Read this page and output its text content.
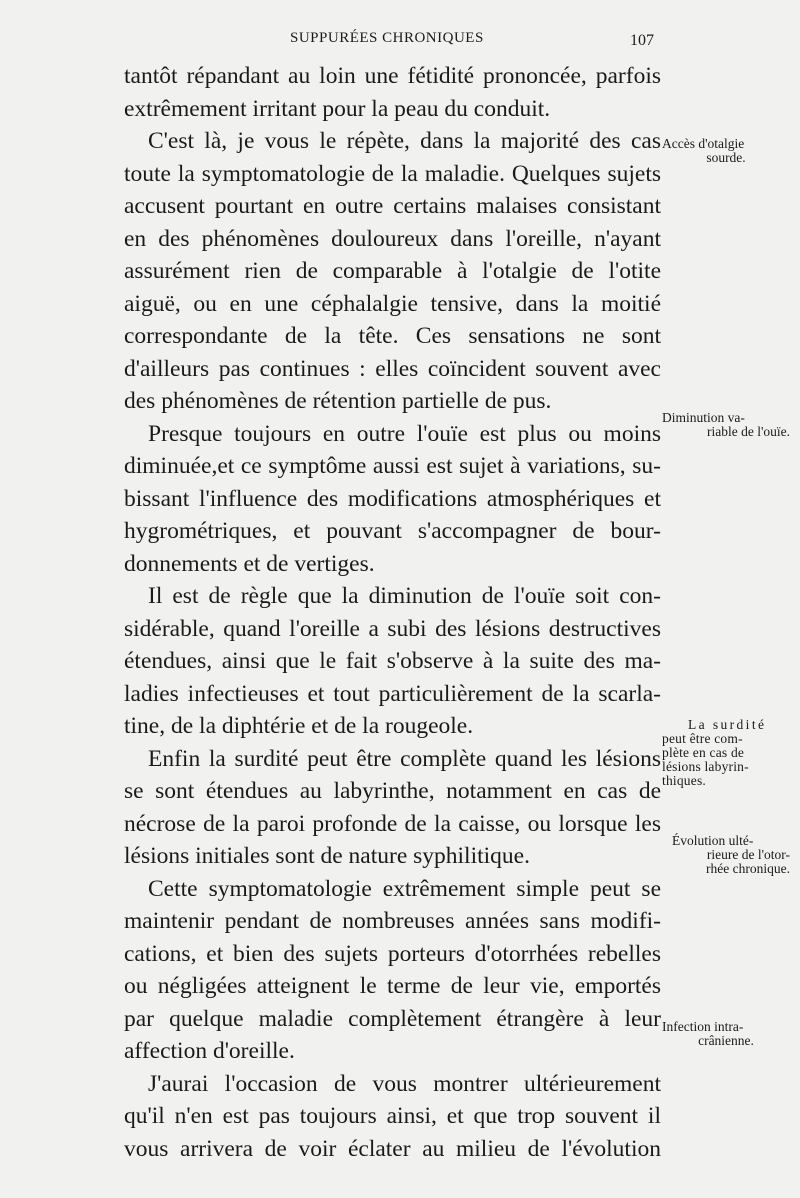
SUPPURÉES CHRONIQUES	107
tantôt répandant au loin une fétidité prononcée, parfois
extrêmement irritant pour la peau du conduit.
C'est là, je vous le répète, dans la majorité des cas
toute la symptomatologie de la maladie. Quelques sujets
accusent pourtant en outre certains malaises consistant
en des phénomènes douloureux dans l'oreille, n'ayant
assurément rien de comparable à l'otalgie de l'otite
aiguë, ou en une céphalalgie tensive, dans la moitié
correspondante de la tête. Ces sensations ne sont
d'ailleurs pas continues : elles coïncident souvent avec
des phénomènes de rétention partielle de pus.
Presque toujours en outre l'ouïe est plus ou moins
diminuée,et ce symptôme aussi est sujet à variations, su-
bissant l'influence des modifications atmosphériques et
hygrométriques, et pouvant s'accompagner de bour-
donnements et de vertiges.
Il est de règle que la diminution de l'ouïe soit con-
sidérable, quand l'oreille a subi des lésions destructives
étendues, ainsi que le fait s'observe à la suite des ma-
ladies infectieuses et tout particulièrement de la scarla-
tine, de la diphtérie et de la rougeole.
Enfin la surdité peut être complète quand les lésions
se sont étendues au labyrinthe, notamment en cas de
nécrose de la paroi profonde de la caisse, ou lorsque les
lésions initiales sont de nature syphilitique.
Cette symptomatologie extrêmement simple peut se
maintenir pendant de nombreuses années sans modifi-
cations, et bien des sujets porteurs d'otorrhées rebelles
ou négligées atteignent le terme de leur vie, emportés
par quelque maladie complètement étrangère à leur
affection d'oreille.
J'aurai l'occasion de vous montrer ultérieurement
qu'il n'en est pas toujours ainsi, et que trop souvent il
vous arrivera de voir éclater au milieu de l'évolution
Accès d'otalgie
sourde.
Diminution va-
riable de l'ouïe.
La surdité
peut être com-
plète en cas de
lésions labyrin-
thiques.
Évolution ulté-
rieure de l'otor-
rhée chronique.
Infection intra-
crânienne.
